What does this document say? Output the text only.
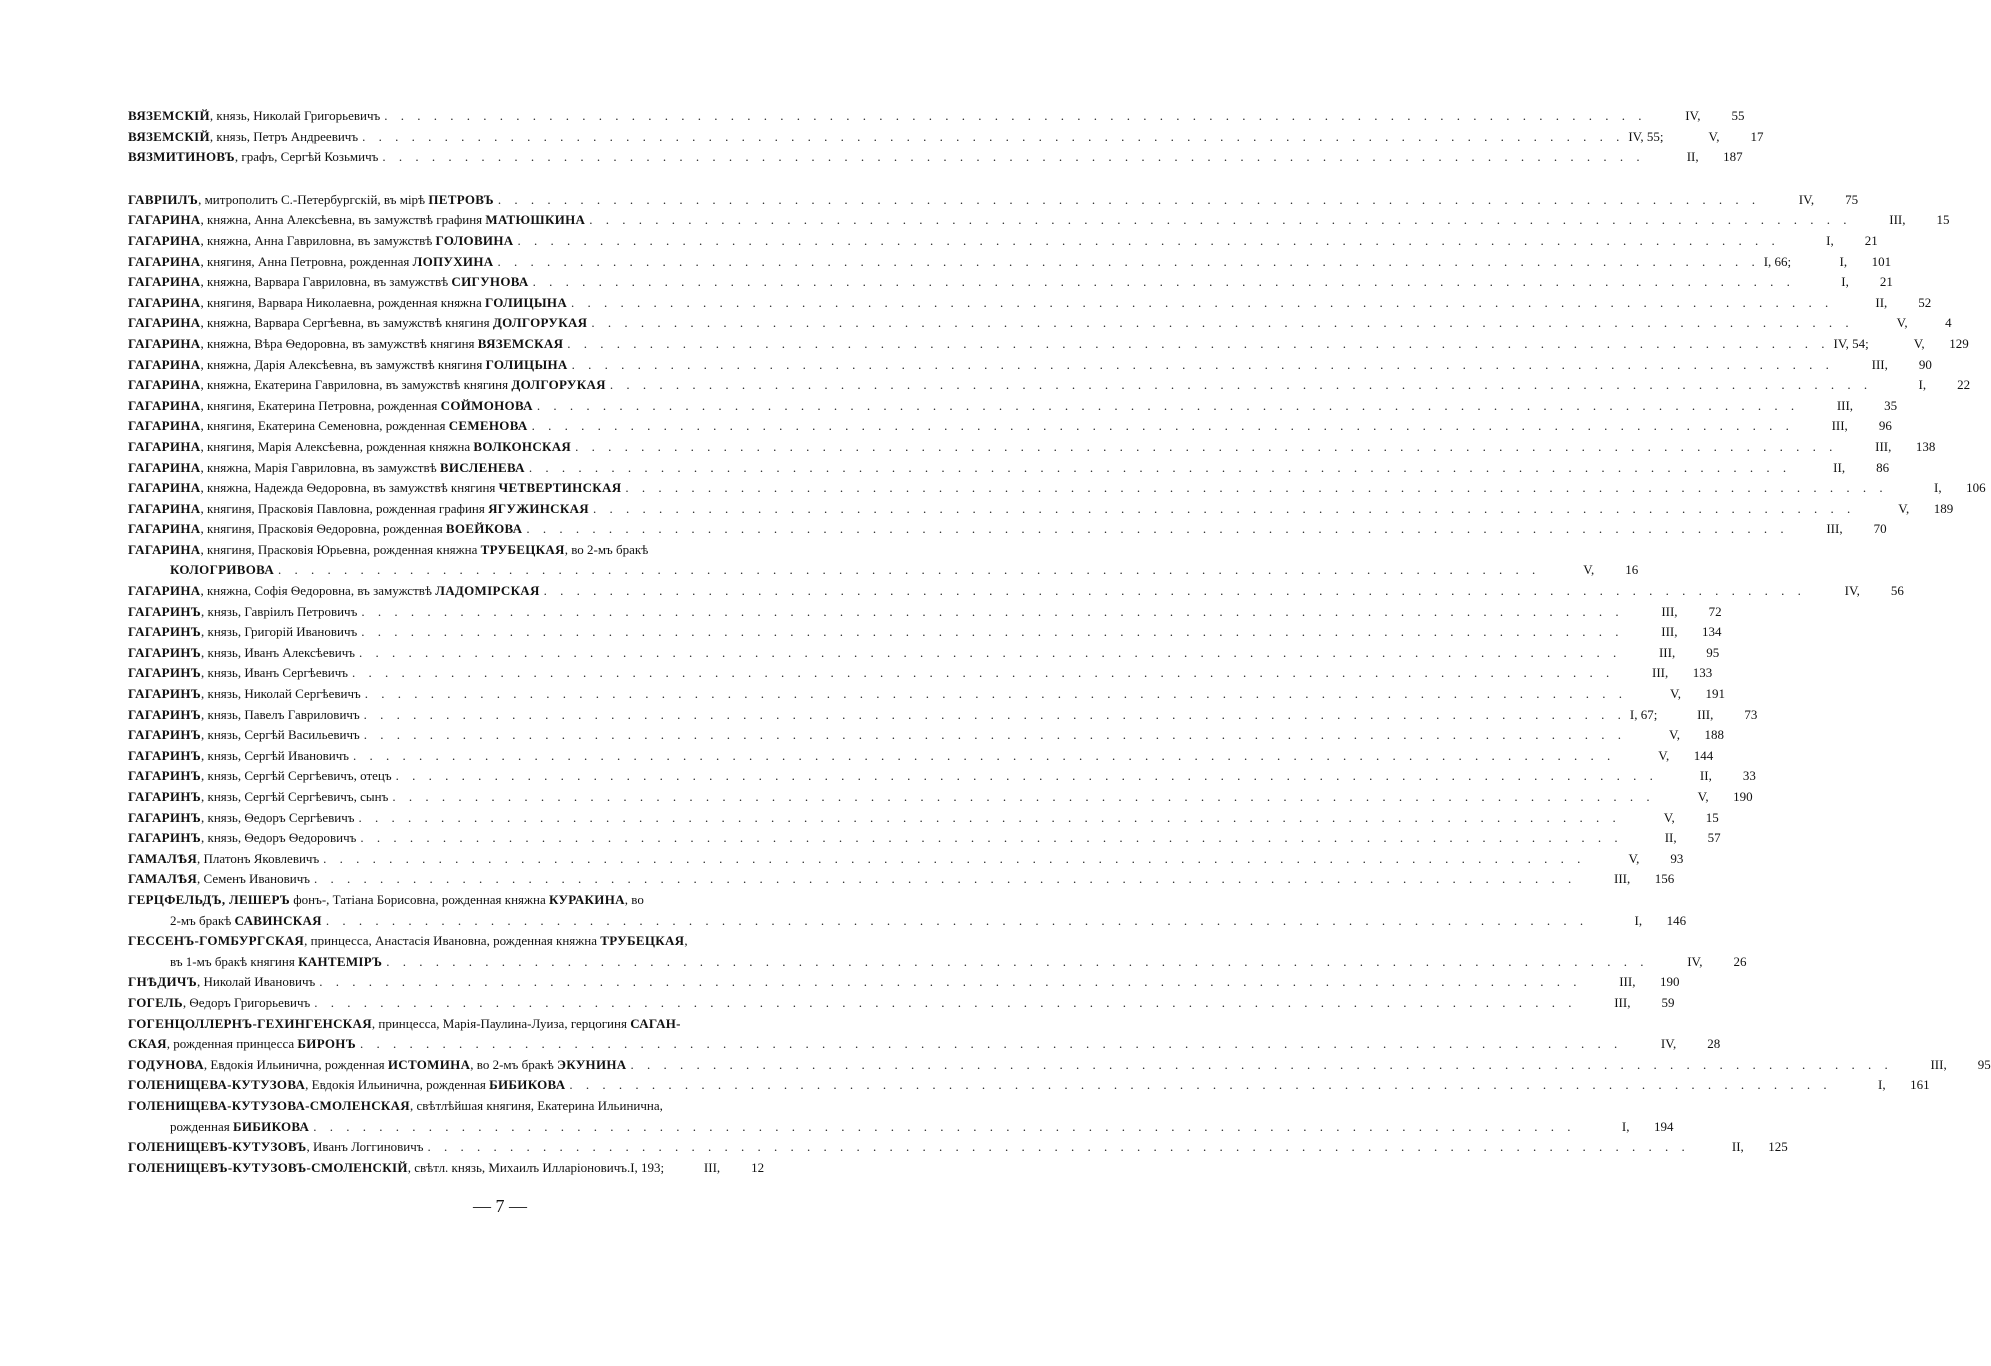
ВЯЗЕМСКІЙ, князь, Николай Григорьевичъ . . .	IV,	55
ВЯЗЕМСКІЙ, князь, Петръ Андреевичъ . . .	IV, 55;	V,	17
ВЯЗМИТИНОВЪ, графъ, Сергѣй Козьмичъ . . .	II,	187
ГАВРІИЛЪ, митрополитъ С.-Петербургскій, въ мірѣ ПЕТРОВЪ . . .	IV,	75
ГАГАРИНА, княжна, Анна Алексѣевна, въ замужствѣ графиня МАТЮШКИНА . . .	III,	15
ГАГАРИНА, княжна, Анна Гавриловна, въ замужствѣ ГОЛОВИНА . . .	I,	21
ГАГАРИНА, княгиня, Анна Петровна, рожденная ЛОПУХИНА . . .	I, 66;	I,	101
ГАГАРИНА, княжна, Варвара Гавриловна, въ замужствѣ СИГУНОВА . . .	I,	21
ГАГАРИНА, княгиня, Варвара Николаевна, рожденная княжна ГОЛИЦЫНА . . .	II,	52
ГАГАРИНА, княжна, Варвара Сергѣевна, въ замужствѣ княгиня ДОЛГОРУКАЯ . . .	V,	4
ГАГАРИНА, княжна, Вѣра Ѳедоровна, въ замужствѣ княгиня ВЯЗЕМСКАЯ . . .	IV, 54;	V,	129
ГАГАРИНА, княжна, Дарія Алексѣевна, въ замужствѣ княгиня ГОЛИЦЫНА . . .	III,	90
ГАГАРИНА, княжна, Екатерина Гавриловна, въ замужствѣ княгиня ДОЛГОРУКАЯ . . .	I,	22
ГАГАРИНА, княгиня, Екатерина Петровна, рожденная СОЙМОНОВА . . .	III,	35
ГАГАРИНА, княгиня, Екатерина Семеновна, рожденная СЕМЕНОВА . . .	III,	96
ГАГАРИНА, княгиня, Марія Алексѣевна, рожденная княжна ВОЛКОНСКАЯ . . .	III,	138
ГАГАРИНА, княжна, Марія Гавриловна, въ замужствѣ ВИСЛЕНЕВА . . .	II,	86
ГАГАРИНА, княжна, Надежда Ѳедоровна, въ замужствѣ княгиня ЧЕТВЕРТИНСКАЯ . . .	I,	106
ГАГАРИНА, княгиня, Прасковія Павловна, рожденная графиня ЯГУЖИНСКАЯ . . .	V,	189
ГАГАРИНА, княгиня, Прасковія Ѳедоровна, рожденная ВОЕЙКОВА . . .	III,	70
ГАГАРИНА, княгиня, Прасковія Юрьевна, рожденная княжна ТРУБЕЦКАЯ, во 2-мъ бракѣ
КОЛОГРИВОВА . . .	V,	16
ГАГАРИНА, княжна, Софія Ѳедоровна, въ замужствѣ ЛАДОМІРСКАЯ . . .	IV,	56
ГАГАРИНЪ, князь, Гавріилъ Петровичъ . . .	III,	72
ГАГАРИНЪ, князь, Григорій Ивановичъ . . .	III,	134
ГАГАРИНЪ, князь, Иванъ Алексѣевичъ . . .	III,	95
ГАГАРИНЪ, князь, Иванъ Сергѣевичъ . . .	III,	133
ГАГАРИНЪ, князь, Николай Сергѣевичъ . . .	V,	191
ГАГАРИНЪ, князь, Павелъ Гавриловичъ . . .	I, 67;	III,	73
ГАГАРИНЪ, князь, Сергѣй Васильевичъ . . .	V,	188
ГАГАРИНЪ, князь, Сергѣй Ивановичъ . . .	V,	144
ГАГАРИНЪ, князь, Сергѣй Сергѣевичъ, отецъ . . .	II,	33
ГАГАРИНЪ, князь, Сергѣй Сергѣевичъ, сынъ . . .	V,	190
ГАГАРИНЪ, князь, Ѳедоръ Сергѣевичъ . . .	V,	15
ГАГАРИНЪ, князь, Ѳедоръ Ѳедоровичъ . . .	II,	57
ГАМАЛѢЯ, Платонъ Яковлевичъ . . .	V,	93
ГАМАЛѢЯ, Семенъ Ивановичъ . . .	III,	156
ГЕРЦФЕЛЬДЪ, ЛЕШЕРЪ фонъ-, Татіана Борисовна, рожденная княжна КУРАКИНА, во
2-мъ бракѣ САВИНСКАЯ . . .	I,	146
ГЕССЕНЪ-ГОМБУРГСКАЯ, принцесса, Анастасія Ивановна, рожденная княжна ТРУБЕЦКАЯ,
въ 1-мъ бракѣ княгиня КАНТЕМІРЪ . . .	IV,	26
ГНѢДИЧЪ, Николай Ивановичъ . . .	III,	190
ГОГЕЛЬ, Ѳедоръ Григорьевичъ . . .	III,	59
ГОГЕНЦОЛЛЕРНЪ-ГЕХИНГЕНСКАЯ, принцесса, Марія-Паулина-Луиза, герцогиня САГАН-
СКАЯ, рожденная принцесса БИРОНЪ . . .	IV,	28
ГОДУНОВА, Евдокія Ильинична, рожденная ИСТОМИНА, во 2-мъ бракѣ ЭКУНИНА . . .	III,	95
ГОЛЕНИЩЕВА-КУТУЗОВА, Евдокія Ильинична, рожденная БИБИКОВА . . .	I,	161
ГОЛЕНИЩЕВА-КУТУЗОВА-СМОЛЕНСКАЯ, свѣтлѣйшая княгиня, Екатерина Ильинична,
рожденная БИБИКОВА . . .	I,	194
ГОЛЕНИЩЕВЪ-КУТУЗОВЪ, Иванъ Логгиновичъ . . .	II,	125
ГОЛЕНИЩЕВЪ-КУТУЗОВЪ-СМОЛЕНСКІЙ, свѣтл. князь, Михаилъ Илларіоновичъ. I, 193;	III,	12
— 7 —
